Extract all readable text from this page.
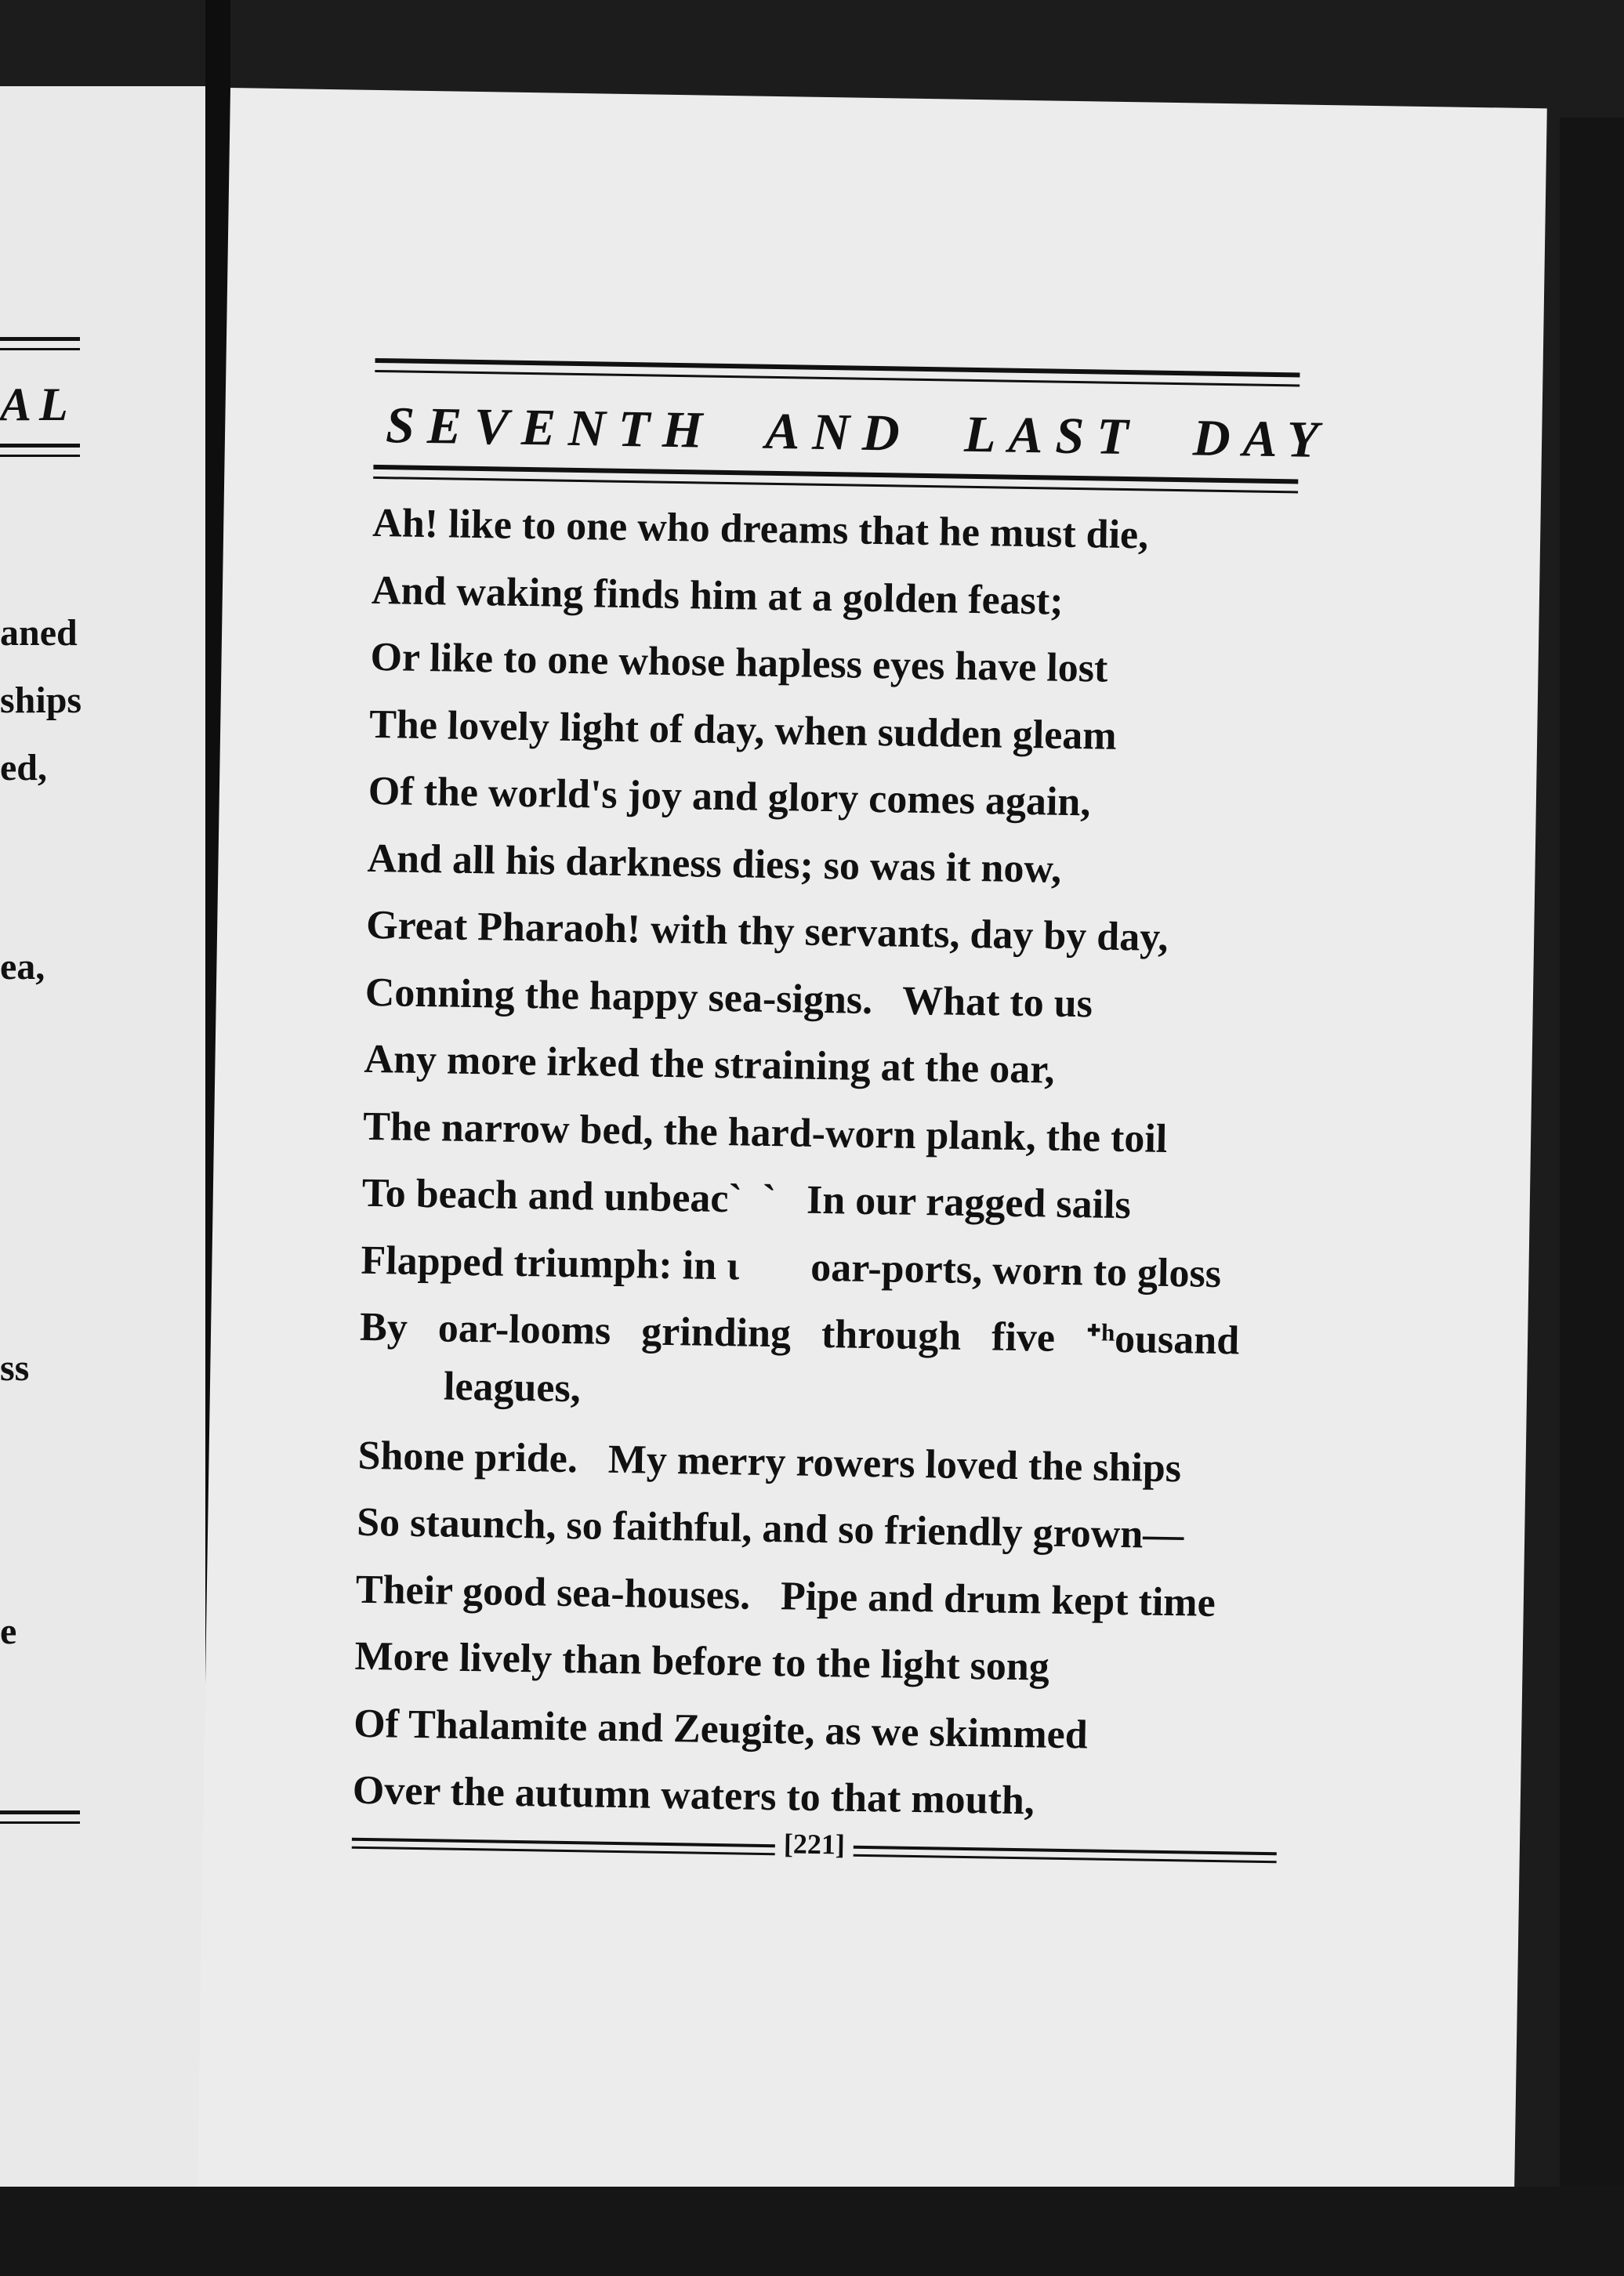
AL
aned
ships
ed,
ea,
ss
e
SEVENTH AND LAST DAY
Ah! like to one who dreams that he must die,
And waking finds him at a golden feast;
Or like to one whose hapless eyes have lost
The lovely light of day, when sudden gleam
Of the world's joy and glory comes again,
And all his darkness dies; so was it now,
Great Pharaoh! with thy servants, day by day,
Conning the happy sea-signs.   What to us
Any more irked the straining at the oar,
The narrow bed, the hard-worn plank, the toil
To beach and unbeac`  `   In our ragged sails
Flapped triumph: in ι       oar-ports, worn to gloss
By oar-looms grinding through five ᐩʰousand
leagues,
Shone pride.   My merry rowers loved the ships
So staunch, so faithful, and so friendly grown—
Their good sea-houses.   Pipe and drum kept time
More lively than before to the light song
Of Thalamite and Zeugite, as we skimmed
Over the autumn waters to that mouth,
[221]
